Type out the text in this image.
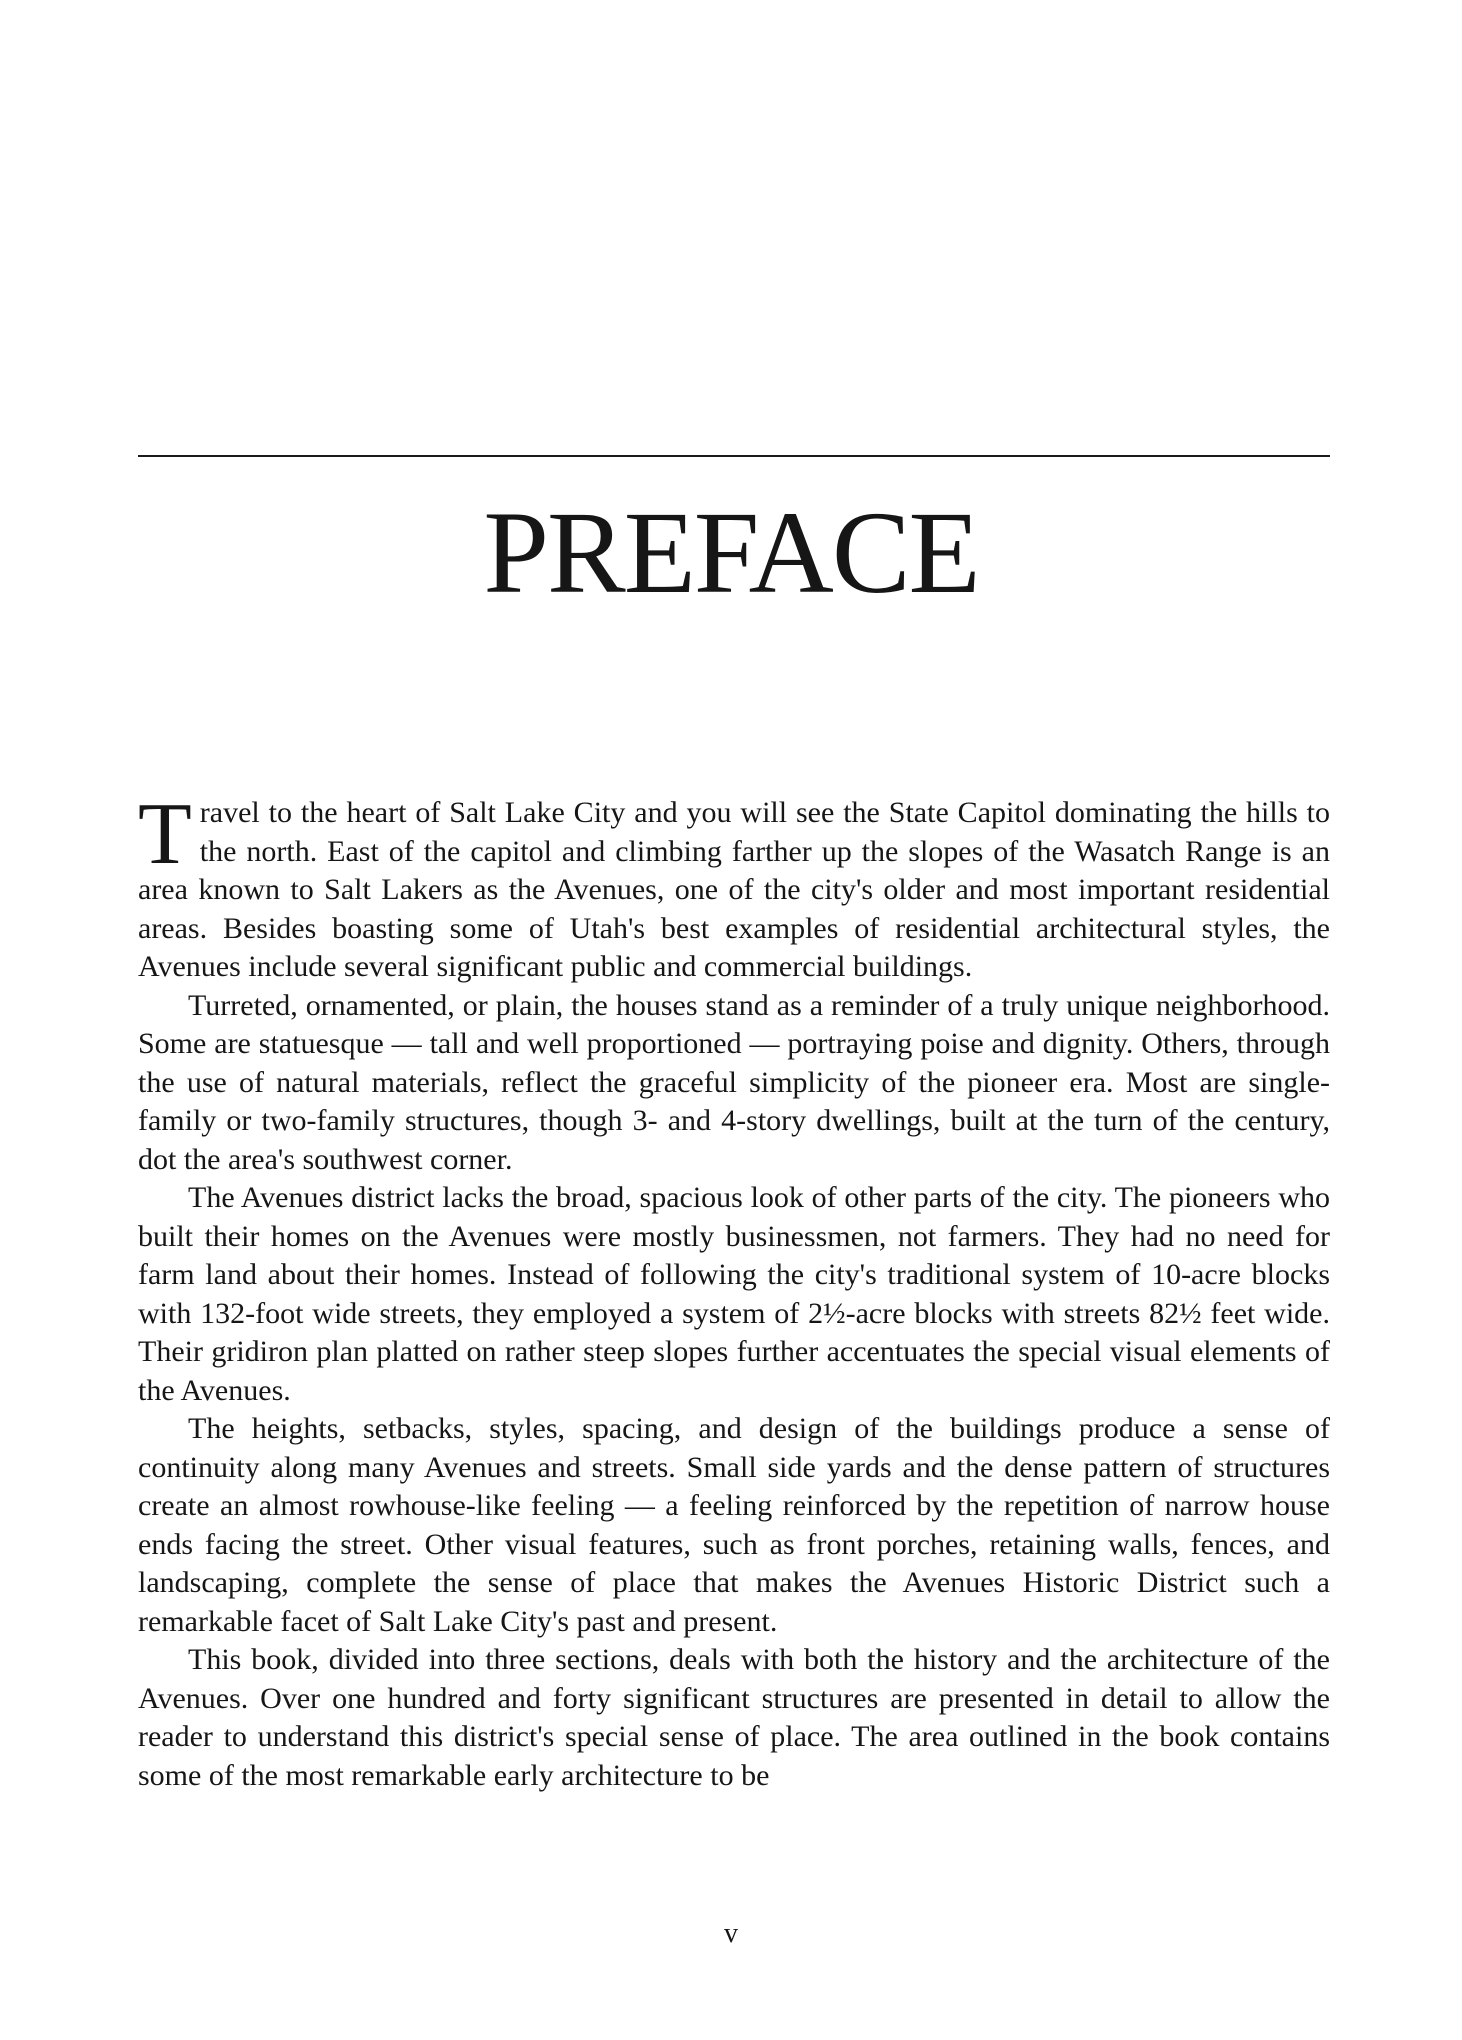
PREFACE

Travel to the heart of Salt Lake City and you will see the State Capitol dominating the hills to the north. East of the capitol and climbing farther up the slopes of the Wasatch Range is an area known to Salt Lakers as the Avenues, one of the city's older and most important residential areas. Besides boasting some of Utah's best examples of residential architectural styles, the Avenues include several significant public and commercial buildings.

Turreted, ornamented, or plain, the houses stand as a reminder of a truly unique neighborhood. Some are statuesque — tall and well proportioned — portraying poise and dignity. Others, through the use of natural materials, reflect the graceful simplicity of the pioneer era. Most are single-family or two-family structures, though 3- and 4-story dwellings, built at the turn of the century, dot the area's southwest corner.

The Avenues district lacks the broad, spacious look of other parts of the city. The pioneers who built their homes on the Avenues were mostly businessmen, not farmers. They had no need for farm land about their homes. Instead of following the city's traditional system of 10-acre blocks with 132-foot wide streets, they employed a system of 2½-acre blocks with streets 82½ feet wide. Their gridiron plan platted on rather steep slopes further accentuates the special visual elements of the Avenues.

The heights, setbacks, styles, spacing, and design of the buildings produce a sense of continuity along many Avenues and streets. Small side yards and the dense pattern of structures create an almost rowhouse-like feeling — a feeling reinforced by the repetition of narrow house ends facing the street. Other visual features, such as front porches, retaining walls, fences, and landscaping, complete the sense of place that makes the Avenues Historic District such a remarkable facet of Salt Lake City's past and present.

This book, divided into three sections, deals with both the history and the architecture of the Avenues. Over one hundred and forty significant structures are presented in detail to allow the reader to understand this district's special sense of place. The area outlined in the book contains some of the most remarkable early architecture to be

v
